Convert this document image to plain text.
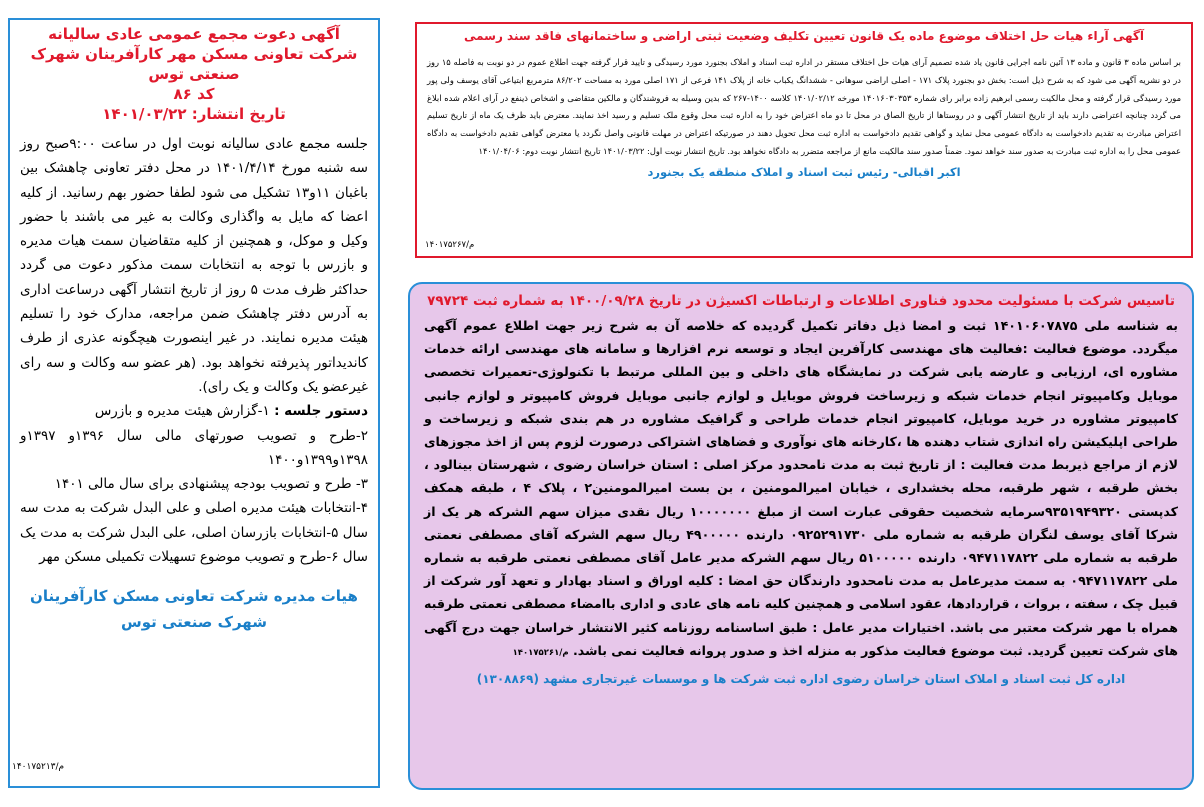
آگهی دعوت مجمع عمومی عادی سالیانه
شرکت تعاونی مسکن مهر کارآفرینان شهرک صنعتی توس
کد ۸۶
تاریخ انتشار: ۱۴۰۱/۰۳/۲۲

جلسه مجمع عادی سالیانه نوبت اول در ساعت ۹:۰۰صبح روز سه شنبه مورخ ۱۴۰۱/۴/۱۴ در محل دفتر تعاونی چاهشک بین باغبان ۱۱و۱۳ تشکیل می شود لطفا حضور بهم رسانید. از کلیه اعضا که مایل به واگذاری وکالت به غیر می باشند با حضور وکیل و موکل، و همچنین از کلیه متقاضیان سمت هیات مدیره و بازرس با توجه به انتخابات سمت مذکور دعوت می گردد حداکثر ظرف مدت ۵ روز از تاریخ انتشار آگهی درساعت اداری به آدرس دفتر چاهشک ضمن مراجعه، مدارک خود را تسلیم هیئت مدیره نمایند. در غیر اینصورت هیچگونه عذری از طرف کاندیداتور پذیرفته نخواهد بود. (هر عضو سه وکالت و سه رای غیرعضو یک وکالت و یک رای).

دستور جلسه : ۱-گزارش هیئت مدیره و بازرس
۲-طرح و تصویب صورتهای مالی سال ۱۳۹۶و ۱۳۹۷و ۱۳۹۸و۱۳۹۹و۱۴۰۰
۳- طرح و تصویب بودجه پیشنهادی برای سال مالی ۱۴۰۱
۴-انتخابات هیئت مدیره اصلی و علی البدل شرکت به مدت سه سال ۵-انتخابات بازرسان اصلی، علی البدل شرکت به مدت یک سال ۶-طرح و تصویب موضوع تسهیلات تکمیلی مسکن مهر
هیات مدیره شرکت تعاونی مسکن کارآفرینان
شهرک صنعتی توس
۱۴۰۱۷۵۲۱۳/م
آگهی آراء هیات حل اختلاف موضوع ماده یک قانون تعیین تکلیف وضعیت ثبتی اراضی و ساختمانهای فاقد سند رسمی
بر اساس ماده ۳ قانون و ماده ۱۳ آئین نامه اجرایی قانون یاد شده تصمیم آرای هیات حل اختلاف مستقر در اداره ثبت اسناد و املاک بجنورد مورد رسیدگی و تایید قرار گرفته جهت اطلاع عموم در دو نوبت به فاصله ۱۵ روز در دو نشریه آگهی می شود که به شرح ذیل است: بخش دو بجنورد پلاک ۱۷۱ - اصلی اراضی سوهانی - ششدانگ یکباب خانه از پلاک ۱۴۱ فرعی از ۱۷۱ اصلی مورد به مساحت ۸۶/۲۰۲ مترمربع ابتیاعی آقای یوسف ولی پور مورد رسیدگی قرار گرفته و محل مالکیت رسمی ابرهیم زاده برابر رای شماره ۱۴۰۱۶۰۳۰۳۵۳ مورخه ۱۴۰۱/۰۲/۱۲ کلاسه ۱۴۰۰-۲۶۷ که بدین وسیله به فروشندگان و مالکین متقاضی و اشخاص ذینفع در آرای اعلام شده ابلاغ می گردد چنانچه اعتراضی دارند باید از تاریخ انتشار آگهی و در روستاها از تاریخ الصاق در محل تا دو ماه اعتراض خود را به اداره ثبت محل وقوع ملک تسلیم و رسید اخذ نمایند. معترض باید ظرف یک ماه از تاریخ تسلیم اعتراض مبادرت به تقدیم دادخواست به دادگاه عمومی محل نماید و گواهی تقدیم دادخواست به اداره ثبت محل تحویل دهند در صورتیکه اعتراض در مهلت قانونی واصل نگردد یا معترض گواهی تقدیم دادخواست به دادگاه عمومی محل را به اداره ثبت مبادرت به صدور سند خواهد نمود. ضمناً صدور سند مالکیت مانع از مراجعه متضرر به دادگاه نخواهد بود. تاریخ انتشار نوبت اول: ۱۴۰۱/۰۳/۲۲ تاریخ انتشار نوبت دوم: ۱۴۰۱/۰۴/۰۶
اکبر اقبالی- رئیس ثبت اسناد و املاک منطقه یک بجنورد
۱۴۰۱۷۵۲۶۷/م
تاسیس شرکت با مسئولیت محدود فناوری اطلاعات و ارتباطات اکسیژن در تاریخ ۱۴۰۰/۰۹/۲۸ به شماره ثبت ۷۹۷۲۴
به شناسه ملی ۱۴۰۱۰۶۰۷۸۷۵ ثبت و امضا ذیل دفاتر تکمیل گردیده که خلاصه آن به شرح زیر جهت اطلاع عموم آگهی میگردد. موضوع فعالیت :فعالیت های مهندسی کارآفرین ایجاد و توسعه نرم افزارها و سامانه های مهندسی ارائه خدمات مشاوره ای، ارزیابی و عارضه یابی شرکت در نمایشگاه های داخلی و بین المللی مرتبط با تکنولوژی-تعمیرات تخصصی موبایل وکامپیوتر انجام خدمات شبکه و زیرساخت فروش موبایل و لوازم جانبی موبایل فروش کامپیوتر و لوازم جانبی کامپیوتر مشاوره در خرید موبایل، کامپیوتر انجام خدمات طراحی و گرافیک مشاوره در هم بندی شبکه و زیرساخت و طراحی اپلیکیشن راه اندازی شتاب دهنده ها ،کارخانه های نوآوری و فضاهای اشتراکی درصورت لزوم پس از اخذ مجوزهای لازم از مراجع ذیربط مدت فعالیت : از تاریخ ثبت به مدت نامحدود مرکز اصلی : استان خراسان رضوی ، شهرستان بینالود ، بخش طرقبه ، شهر طرقبه، محله بخشداری ، خیابان امیرالمومنین ، بن بست امیرالمومنین۲ ، پلاک ۴ ، طبقه همکف کدپستی ۹۳۵۱۹۴۹۳۲۰سرمایه شخصیت حقوقی عبارت است از مبلغ ۱۰۰۰۰۰۰۰ ریال نقدی میزان سهم الشرکه هر یک از شرکا آقای یوسف لنگران طرقبه به شماره ملی ۰۹۲۵۲۹۱۷۳۰ دارنده ۴۹۰۰۰۰۰ ریال سهم الشرکه آقای مصطفی نعمتی طرقبه به شماره ملی ۰۹۴۷۱۱۷۸۲۲ دارنده ۵۱۰۰۰۰۰ ریال سهم الشرکه مدیر عامل آقای مصطفی نعمتی طرقبه به شماره ملی ۰۹۴۷۱۱۷۸۲۲ به سمت مدیرعامل به مدت نامحدود دارندگان حق امضا : کلیه اوراق و اسناد بهادار و تعهد آور شرکت از قبیل چک ، سفته ، بروات ، قراردادها، عقود اسلامی و همچنین کلیه نامه های عادی و اداری باامضاء مصطفی نعمتی طرقبه همراه با مهر شرکت معتبر می باشد. اختیارات مدیر عامل : طبق اساسنامه روزنامه کثیر الانتشار خراسان جهت درج آگهی های شرکت تعیین گردید. ثبت موضوع فعالیت مذکور به منزله اخذ و صدور پروانه فعالیت نمی باشد. ۱۴۰۱۷۵۲۶۱/م
اداره کل ثبت اسناد و املاک استان خراسان رضوی اداره ثبت شرکت ها و موسسات غیرتجاری مشهد (۱۳۰۸۸۶۹)
